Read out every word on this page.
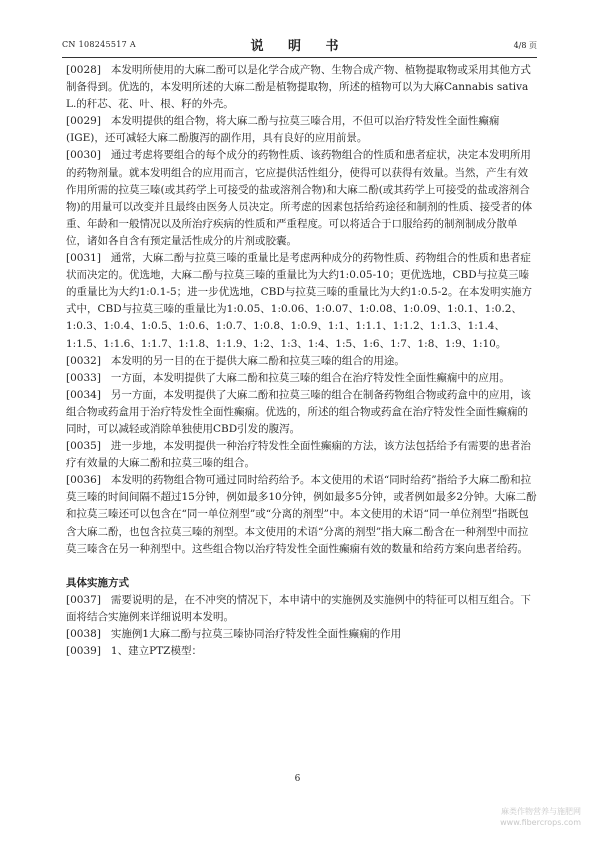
CN 108245517 A	说 明 书	4/8 页

[0028] 本发明所使用的大麻二酚可以是化学合成产物、生物合成产物、植物提取物或采用其他方式制备得到。优选的，本发明所述的大麻二酚是植物提取物，所述的植物可以为大麻Cannabis sativa L.的秆芯、花、叶、根、籽的外壳。

[0029] 本发明提供的组合物，将大麻二酚与拉莫三嗪合用，不但可以治疗特发性全面性癫痫(IGE)，还可减轻大麻二酚腹泻的副作用，具有良好的应用前景。

[0030] 通过考虑将要组合的每个成分的药物性质、该药物组合的性质和患者症状，决定本发明所用的药物剂量。就本发明组合的应用而言，它应提供活性组分，使得可以获得有效量。当然，产生有效作用所需的拉莫三嗪(或其药学上可接受的盐或溶剂合物)和大麻二酚(或其药学上可接受的盐或溶剂合物)的用量可以改变并且最终由医务人员决定。所考虑的因素包括给药途径和制剂的性质、接受者的体重、年龄和一般情况以及所治疗疾病的性质和严重程度。可以将适合于口服给药的制剂制成分散单位，诸如各自含有预定量活性成分的片剂或胶囊。

[0031] 通常，大麻二酚与拉莫三嗪的重量比是考虑两种成分的药物性质、药物组合的性质和患者症状而决定的。优选地，大麻二酚与拉莫三嗪的重量比为大约1:0.05-10；更优选地，CBD与拉莫三嗪的重量比为大约1:0.1-5；进一步优选地，CBD与拉莫三嗪的重量比为大约1:0.5-2。在本发明实施方式中，CBD与拉莫三嗪的重量比为1:0.05、1:0.06、1:0.07、1:0.08、1:0.09、1:0.1、1:0.2、1:0.3、1:0.4、1:0.5、1:0.6、1:0.7、1:0.8、1:0.9、1:1、1:1.1、1:1.2、1:1.3、1:1.4、1:1.5、1:1.6、1:1.7、1:1.8、1:1.9、1:2、1:3、1:4、1:5、1:6、1:7、1:8、1:9、1:10。

[0032] 本发明的另一目的在于提供大麻二酚和拉莫三嗪的组合的用途。

[0033] 一方面，本发明提供了大麻二酚和拉莫三嗪的组合在治疗特发性全面性癫痫中的应用。

[0034] 另一方面，本发明提供了大麻二酚和拉莫三嗪的组合在制备药物组合物或药盒中的应用，该组合物或药盒用于治疗特发性全面性癫痫。优选的，所述的组合物或药盒在治疗特发性全面性癫痫的同时，可以减轻或消除单独使用CBD引发的腹泻。

[0035] 进一步地，本发明提供一种治疗特发性全面性癫痫的方法，该方法包括给予有需要的患者治疗有效量的大麻二酚和拉莫三嗪的组合。

[0036] 本发明的药物组合物可通过同时给药给予。本文使用的术语“同时给药”指给予大麻二酚和拉莫三嗪的时间间隔不超过15分钟，例如最多10分钟，例如最多5分钟，或者例如最多2分钟。大麻二酚和拉莫三嗪还可以包含在“同一单位剂型”或“分离的剂型”中。本文使用的术语“同一单位剂型”指既包含大麻二酚，也包含拉莫三嗪的剂型。本文使用的术语“分离的剂型”指大麻二酚含在一种剂型中而拉莫三嗪含在另一种剂型中。这些组合物以治疗特发性全面性癫痫有效的数量和给药方案向患者给药。

具体实施方式

[0037] 需要说明的是，在不冲突的情况下，本申请中的实施例及实施例中的特征可以相互组合。下面将结合实施例来详细说明本发明。

[0038] 实施例1大麻二酚与拉莫三嗪协同治疗特发性全面性癫痫的作用

[0039] 1、建立PTZ模型：

6
麻类作物营养与施肥网
www.fibercrops.com
